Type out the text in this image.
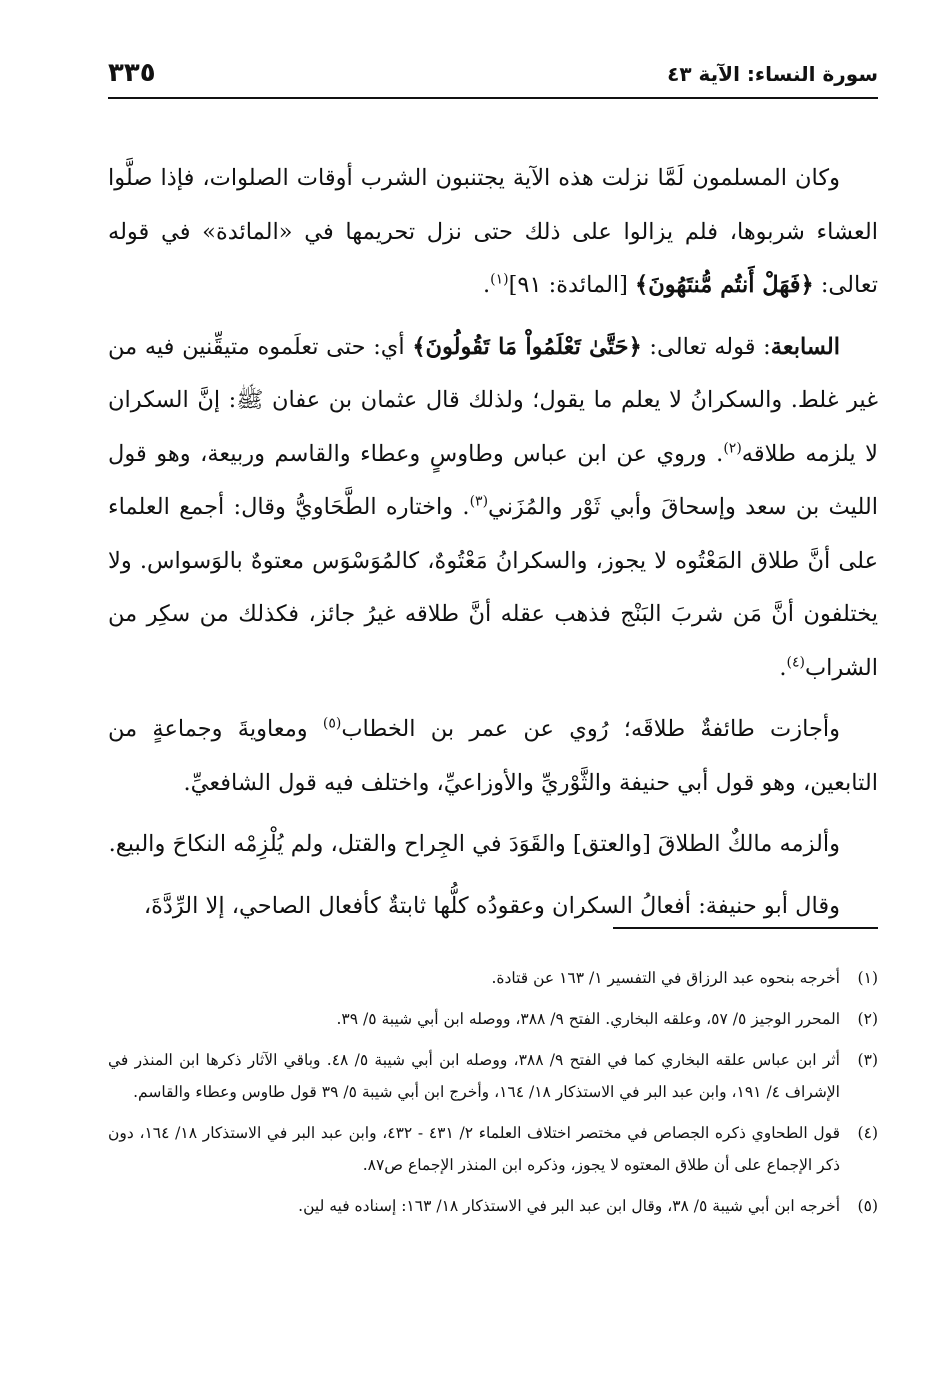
سورة النساء: الآية ٤٣
٣٣٥

وكان المسلمون لَمَّا نزلت هذه الآية يجتنبون الشرب أوقات الصلوات، فإذا صلَّوا العشاء شربوها، فلم يزالوا على ذلك حتى نزل تحريمها في «المائدة» في قوله تعالى: ﴿فَهَلْ أَنتُم مُّنتَهُونَ﴾ [المائدة: ٩١]$^{(١)}$.

السابعة: قوله تعالى: ﴿حَتَّىٰ تَعْلَمُواْ مَا تَقُولُونَ﴾ أي: حتى تعلَموه متيقِّنين فيه من غير غلط. والسكرانُ لا يعلم ما يقول؛ ولذلك قال عثمان بن عفان ﷺ: إنَّ السكران لا يلزمه طلاقه$^{(٢)}$. وروي عن ابن عباس وطاوسٍ وعطاء والقاسم وربيعة، وهو قول الليث بن سعد وإسحاقَ وأبي ثَوْر والمُزَني$^{(٣)}$. واختاره الطَّحَاويُّ وقال: أجمع العلماء على أنَّ طلاق المَعْتُوه لا يجوز، والسكرانُ مَعْتُوهٌ، كالمُوَسْوَس معتوهٌ بالوَسواس. ولا يختلفون أنَّ مَن شربَ البَنْج فذهب عقله أنَّ طلاقه غيرُ جائز، فكذلك من سكِر من الشراب$^{(٤)}$.

وأجازت طائفةٌ طلاقَه؛ رُوي عن عمر بن الخطاب$^{(٥)}$ ومعاويةَ وجماعةٍ من التابعين، وهو قول أبي حنيفة والثَّوْريِّ والأوزاعيِّ، واختلف فيه قول الشافعيِّ.

وألزمه مالكٌ الطلاقَ [والعتق] والقَوَدَ في الجِراح والقتل، ولم يُلْزِمْه النكاحَ والبيع.

وقال أبو حنيفة: أفعالُ السكران وعقودُه كلُّها ثابتةٌ كأفعال الصاحي، إلا الرِّدَّةَ،

(١)
أخرجه بنحوه عبد الرزاق في التفسير ١/ ١٦٣ عن قتادة.
(٢)
المحرر الوجيز ٥/ ٥٧، وعلقه البخاري. الفتح ٩/ ٣٨٨، ووصله ابن أبي شيبة ٥/ ٣٩.
(٣)
أثر ابن عباس علقه البخاري كما في الفتح ٩/ ٣٨٨، ووصله ابن أبي شيبة ٥/ ٤٨. وباقي الآثار ذكرها ابن المنذر في الإشراف ٤/ ١٩١، وابن عبد البر في الاستذكار ١٨/ ١٦٤، وأخرج ابن أبي شيبة ٥/ ٣٩ قول طاوس وعطاء والقاسم.
(٤)
قول الطحاوي ذكره الجصاص في مختصر اختلاف العلماء ٢/ ٤٣١ - ٤٣٢، وابن عبد البر في الاستذكار ١٨/ ١٦٤، دون ذكر الإجماع على أن طلاق المعتوه لا يجوز، وذكره ابن المنذر الإجماع ص٨٧.
(٥)
أخرجه ابن أبي شيبة ٥/ ٣٨، وقال ابن عبد البر في الاستذكار ١٨/ ١٦٣: إسناده فيه لين.
